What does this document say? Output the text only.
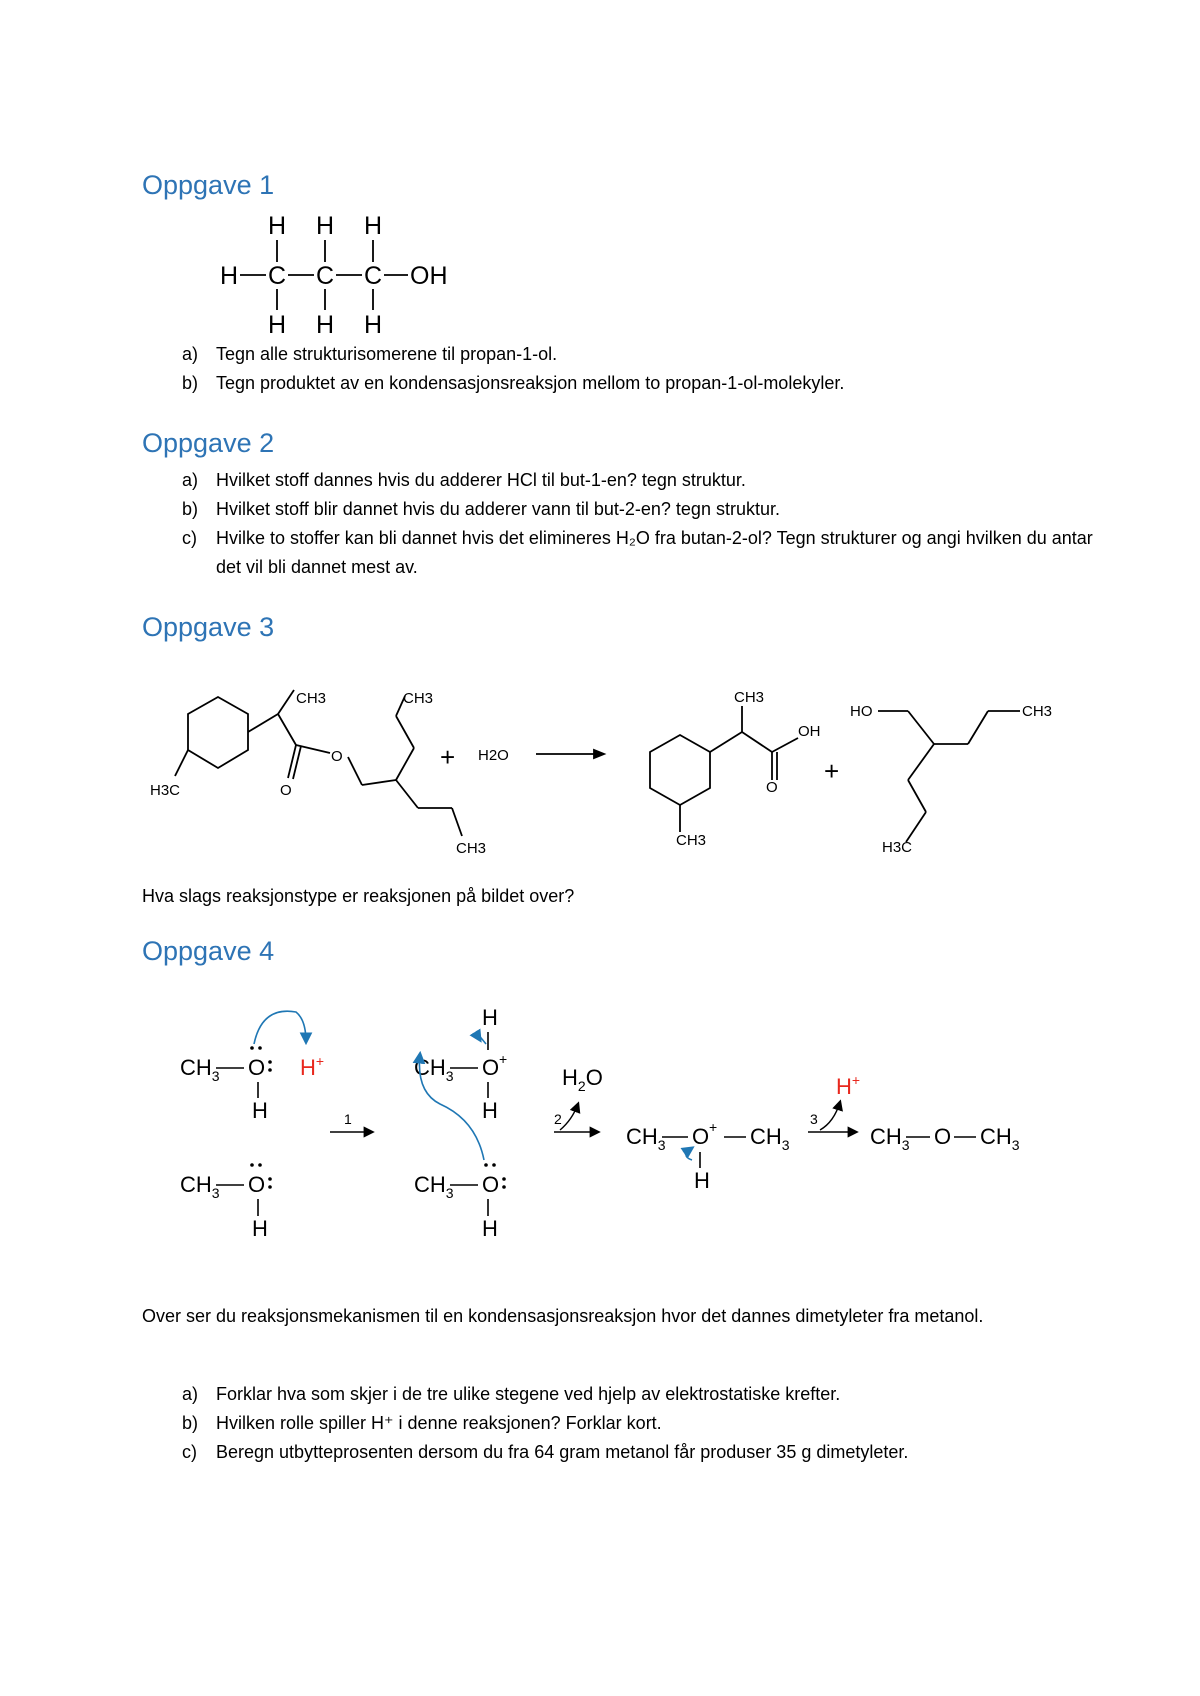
Oppgave 1
H H H
H C C C OH
H H H
a) Tegn alle strukturisomerene til propan-1-ol.
b) Tegn produktet av en kondensasjonsreaksjon mellom to propan-1-ol-molekyler.
Oppgave 2
a) Hvilket stoff dannes hvis du adderer HCl til but-1-en? tegn struktur.
b) Hvilket stoff blir dannet hvis du adderer vann til but-2-en? tegn struktur.
c)	Hvilke to stoffer kan bli dannet hvis det elimineres H₂O fra butan-2-ol? Tegn strukturer og angi hvilken du antar det vil bli dannet mest av.
Oppgave 3
CH3	CH3
H3C	O
O
CH3
H2O
CH3
OH
O
CH3
HO	CH3
H3C
+	+
Hva slags reaksjonstype er reaksjonen på bildet over?
Oppgave 4
$CH_3$ O
H
$CH_3$ O
H
H
$CH_3$ O
H
$CH_3$ O
H
$H_2O$
$CH_3$ O $CH_3$
H
$CH_3$ O $CH_3$
+
+
H+
H+
1	2	3
Over ser du reaksjonsmekanismen til en kondensasjonsreaksjon hvor det dannes dimetyleter fra metanol.
a) Forklar hva som skjer i de tre ulike stegene ved hjelp av elektrostatiske krefter.
b) Hvilken rolle spiller H⁺ i denne reaksjonen? Forklar kort.
c)	Beregn utbytteprosenten dersom du fra 64 gram metanol får produser 35 g dimetyleter.
